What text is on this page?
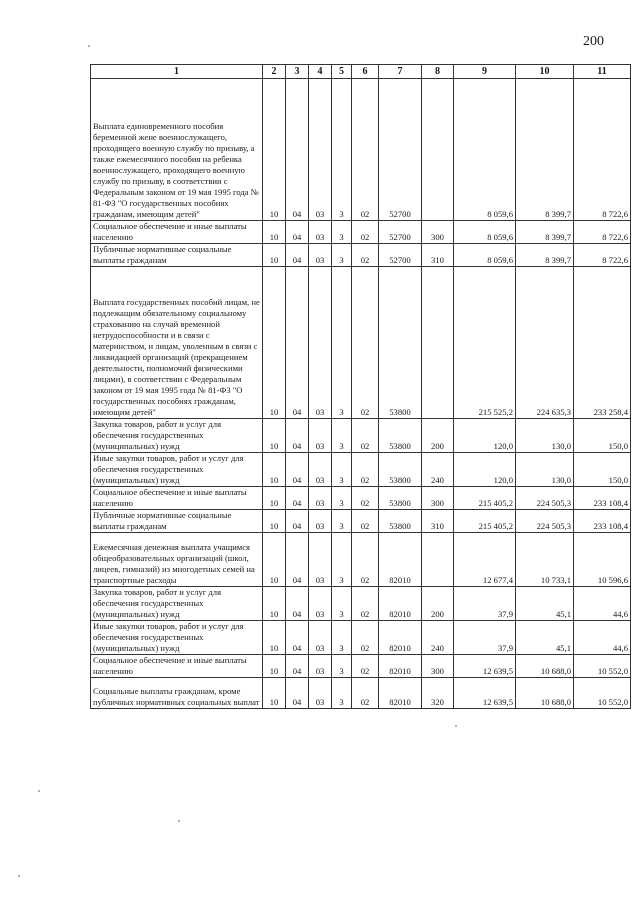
200
1	2	3	4	5	6	7	8	9	10	11
Выплата единовременного пособия беременной жене военнослужащего, проходящего военную службу по призыву, а также ежемесячного пособия на ребенка военнослужащего, проходящего военную службу по призыву, в соответствии с Федеральным законом от 19 мая 1995 года № 81-ФЗ "О государственных пособиях гражданам, имеющим детей"	10	04	03	3	02	52700		8 059,6	8 399,7	8 722,6
Социальное обеспечение и иные выплаты населению	10	04	03	3	02	52700	300	8 059,6	8 399,7	8 722,6
Публичные нормативные социальные выплаты гражданам	10	04	03	3	02	52700	310	8 059,6	8 399,7	8 722,6
Выплата государственных пособий лицам, не подлежащим обязательному социальному страхованию на случай временной нетрудоспособности и в связи с материнством, и лицам, уволенным в связи с ликвидацией организаций (прекращением деятельности, полномочий физическими лицами), в соответствии с Федеральным законом от 19 мая 1995 года № 81-ФЗ "О государственных пособиях гражданам, имеющим детей"	10	04	03	3	02	53800		215 525,2	224 635,3	233 258,4
Закупка товаров, работ и услуг для обеспечения государственных (муниципальных) нужд	10	04	03	3	02	53800	200	120,0	130,0	150,0
Иные закупки товаров, работ и услуг для обеспечения государственных (муниципальных) нужд	10	04	03	3	02	53800	240	120,0	130,0	150,0
Социальное обеспечение и иные выплаты населению	10	04	03	3	02	53800	300	215 405,2	224 505,3	233 108,4
Публичные нормативные социальные выплаты гражданам	10	04	03	3	02	53800	310	215 405,2	224 505,3	233 108,4
Ежемесячная денежная выплата учащимся общеобразовательных организаций (школ, лицеев, гимназий) из многодетных семей на транспортные расходы	10	04	03	3	02	82010		12 677,4	10 733,1	10 596,6
Закупка товаров, работ и услуг для обеспечения государственных (муниципальных) нужд	10	04	03	3	02	82010	200	37,9	45,1	44,6
Иные закупки товаров, работ и услуг для обеспечения государственных (муниципальных) нужд	10	04	03	3	02	82010	240	37,9	45,1	44,6
Социальное обеспечение и иные выплаты населению	10	04	03	3	02	82010	300	12 639,5	10 688,0	10 552,0
Социальные выплаты гражданам, кроме публичных нормативных социальных выплат	10	04	03	3	02	82010	320	12 639,5	10 688,0	10 552,0
